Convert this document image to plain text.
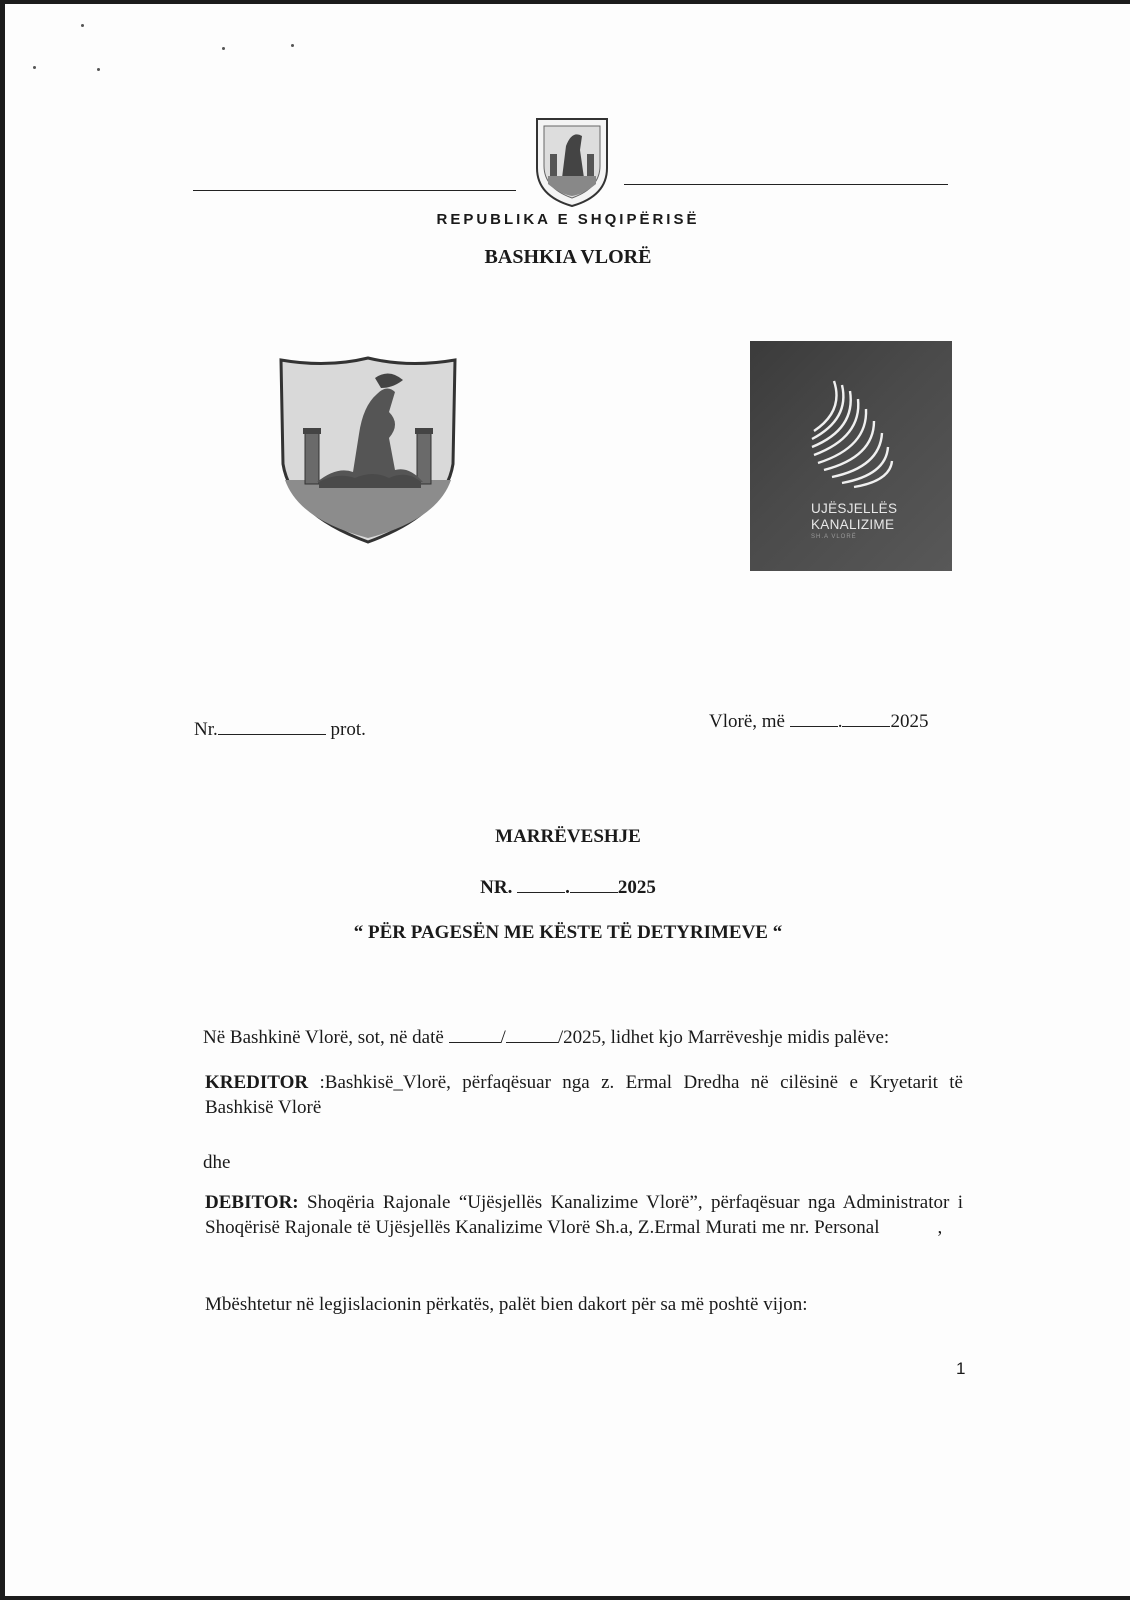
REPUBLIKA E SHQIPËRISË
BASHKIA VLORË
UJËSJELLËS
KANALIZIME
SH.A VLORË
Nr.	prot.	Vlorë, më	.	2025
MARRËVESHJE
NR.	.	2025
“ PËR PAGESËN ME KËSTE TË DETYRIMEVE “
Në Bashkinë Vlorë, sot, në datë	/	/2025, lidhet kjo Marrëveshje midis palëve:
KREDITOR :Bashkisë_Vlorë, përfaqësuar nga z. Ermal Dredha në cilësinë e Kryetarit të Bashkisë Vlorë
dhe
DEBITOR: Shoqëria Rajonale “Ujësjellës Kanalizime Vlorë”, përfaqësuar nga Administrator i Shoqërisë Rajonale të Ujësjellës Kanalizime Vlorë Sh.a, Z.Ermal Murati me nr. Personal	,
Mbështetur në legjislacionin përkatës, palët bien dakort për sa më poshtë vijon:
1
